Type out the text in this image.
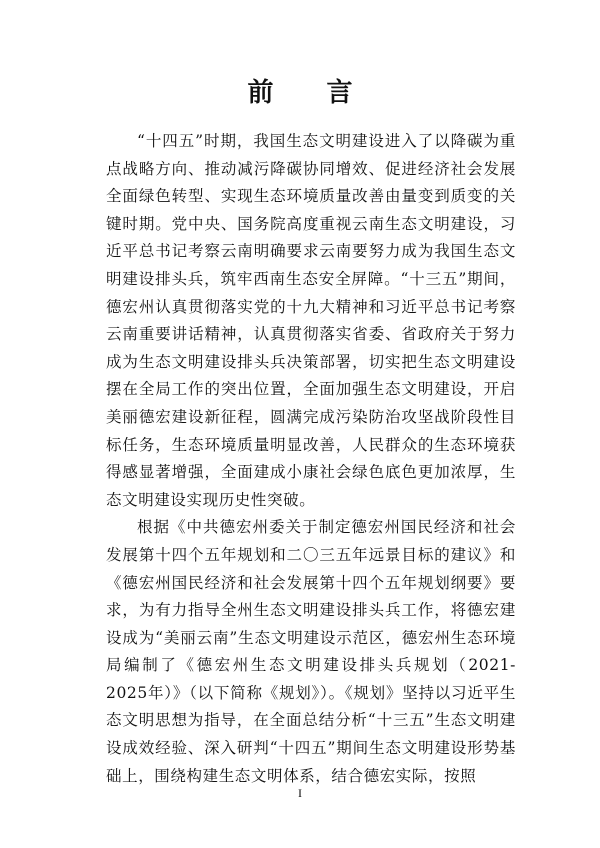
前 言

“十四五”时期，我国生态文明建设进入了以降碳为重点战略方向、推动减污降碳协同增效、促进经济社会发展全面绿色转型、实现生态环境质量改善由量变到质变的关键时期。党中央、国务院高度重视云南生态文明建设，习近平总书记考察云南明确要求云南要努力成为我国生态文明建设排头兵，筑牢西南生态安全屏障。“十三五”期间，德宏州认真贯彻落实党的十九大精神和习近平总书记考察云南重要讲话精神，认真贯彻落实省委、省政府关于努力成为生态文明建设排头兵决策部署，切实把生态文明建设摆在全局工作的突出位置，全面加强生态文明建设，开启美丽德宏建设新征程，圆满完成污染防治攻坚战阶段性目标任务，生态环境质量明显改善，人民群众的生态环境获得感显著增强，全面建成小康社会绿色底色更加浓厚，生态文明建设实现历史性突破。

根据《中共德宏州委关于制定德宏州国民经济和社会发展第十四个五年规划和二〇三五年远景目标的建议》和《德宏州国民经济和社会发展第十四个五年规划纲要》要求，为有力指导全州生态文明建设排头兵工作，将德宏建设成为“美丽云南”生态文明建设示范区，德宏州生态环境局编制了《德宏州生态文明建设排头兵规划（2021-2025年）》（以下简称《规划》）。《规划》坚持以习近平生态文明思想为指导，在全面总结分析“十三五”生态文明建设成效经验、深入研判“十四五”期间生态文明建设形势基础上，围绕构建生态文明体系，结合德宏实际，按照

I
